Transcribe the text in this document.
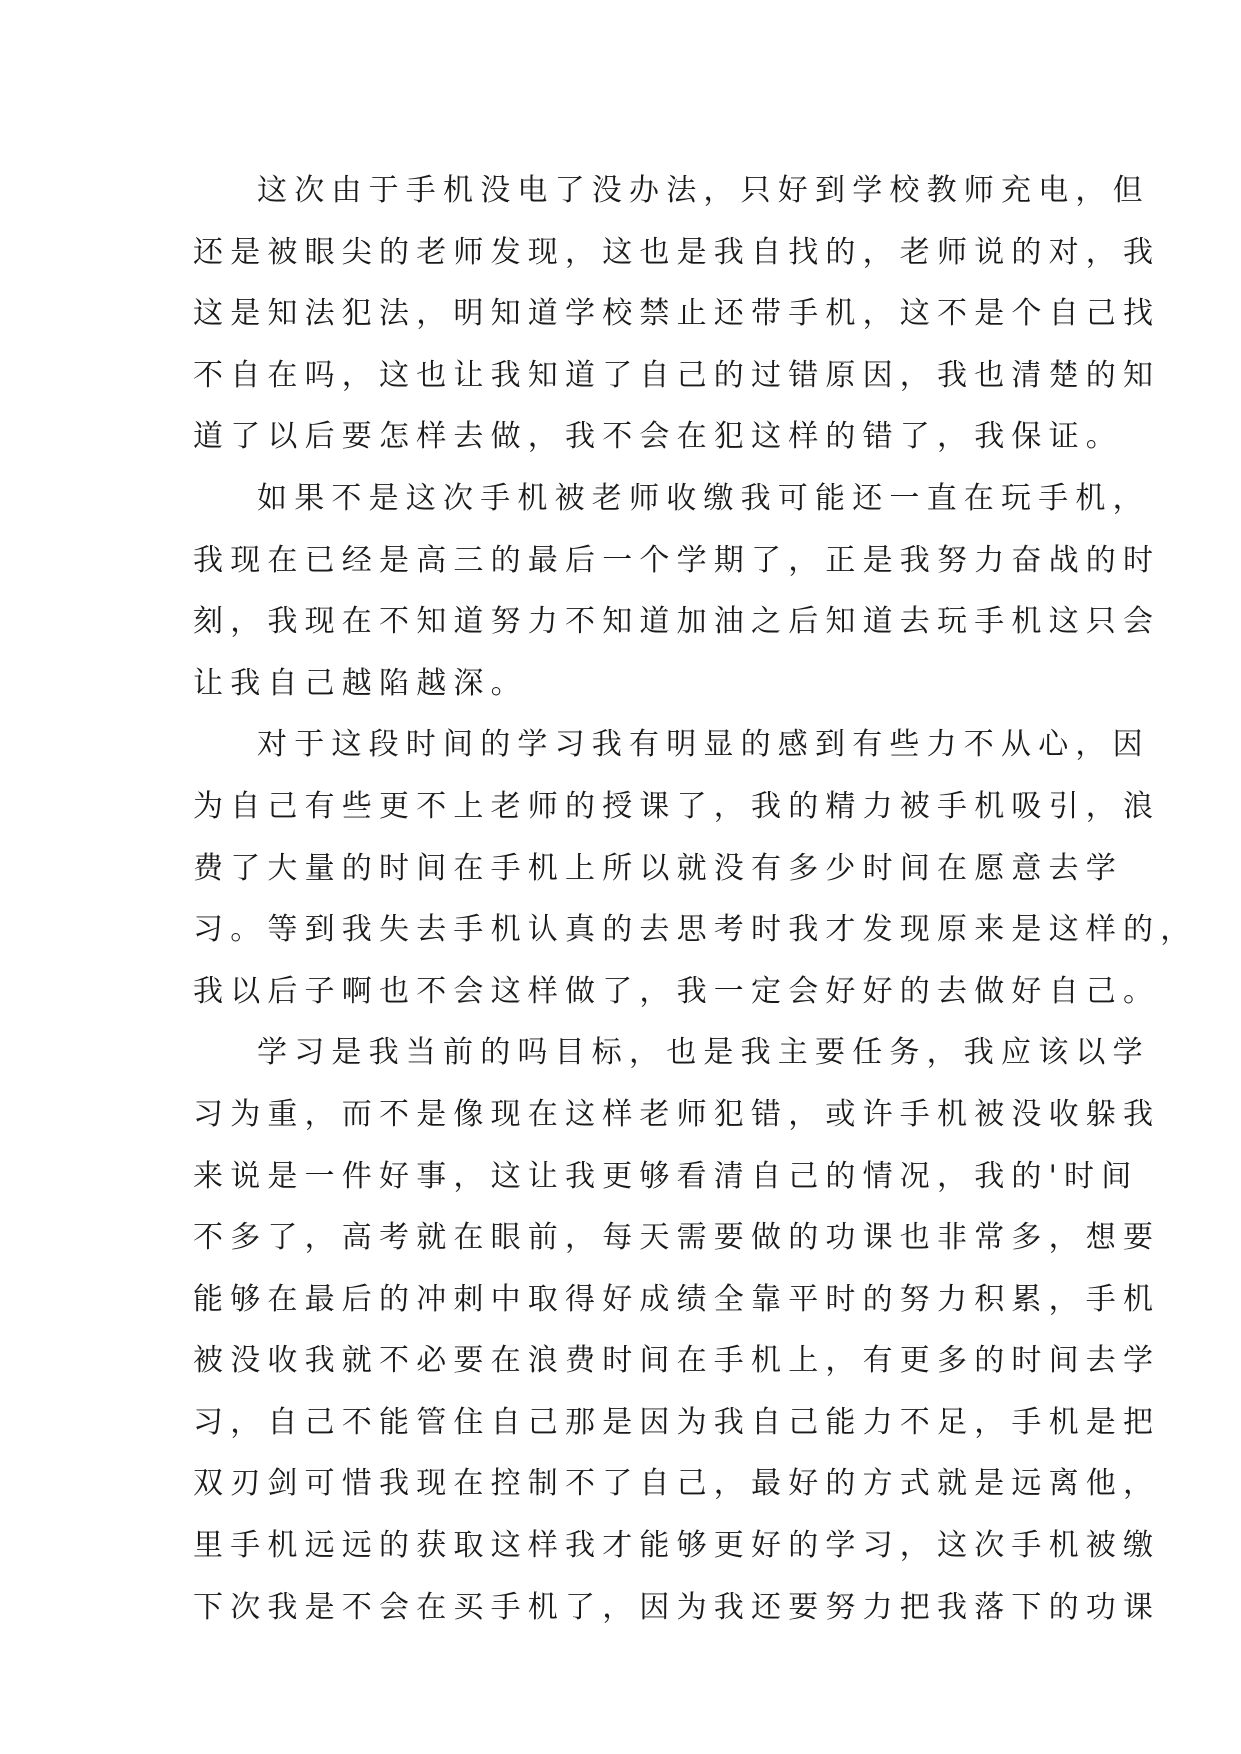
这次由于手机没电了没办法，只好到学校教师充电，但
还是被眼尖的老师发现，这也是我自找的，老师说的对，我
这是知法犯法，明知道学校禁止还带手机，这不是个自己找
不自在吗，这也让我知道了自己的过错原因，我也清楚的知
道了以后要怎样去做，我不会在犯这样的错了，我保证。
如果不是这次手机被老师收缴我可能还一直在玩手机，
我现在已经是高三的最后一个学期了，正是我努力奋战的时
刻，我现在不知道努力不知道加油之后知道去玩手机这只会
让我自己越陷越深。
对于这段时间的学习我有明显的感到有些力不从心，因
为自己有些更不上老师的授课了，我的精力被手机吸引，浪
费了大量的时间在手机上所以就没有多少时间在愿意去学
习。等到我失去手机认真的去思考时我才发现原来是这样的，
我以后子啊也不会这样做了，我一定会好好的去做好自己。
学习是我当前的吗目标，也是我主要任务，我应该以学
习为重，而不是像现在这样老师犯错，或许手机被没收躲我
来说是一件好事，这让我更够看清自己的情况，我的'时间
不多了，高考就在眼前，每天需要做的功课也非常多，想要
能够在最后的冲刺中取得好成绩全靠平时的努力积累，手机
被没收我就不必要在浪费时间在手机上，有更多的时间去学
习，自己不能管住自己那是因为我自己能力不足，手机是把
双刃剑可惜我现在控制不了自己，最好的方式就是远离他，
里手机远远的获取这样我才能够更好的学习，这次手机被缴
下次我是不会在买手机了，因为我还要努力把我落下的功课
